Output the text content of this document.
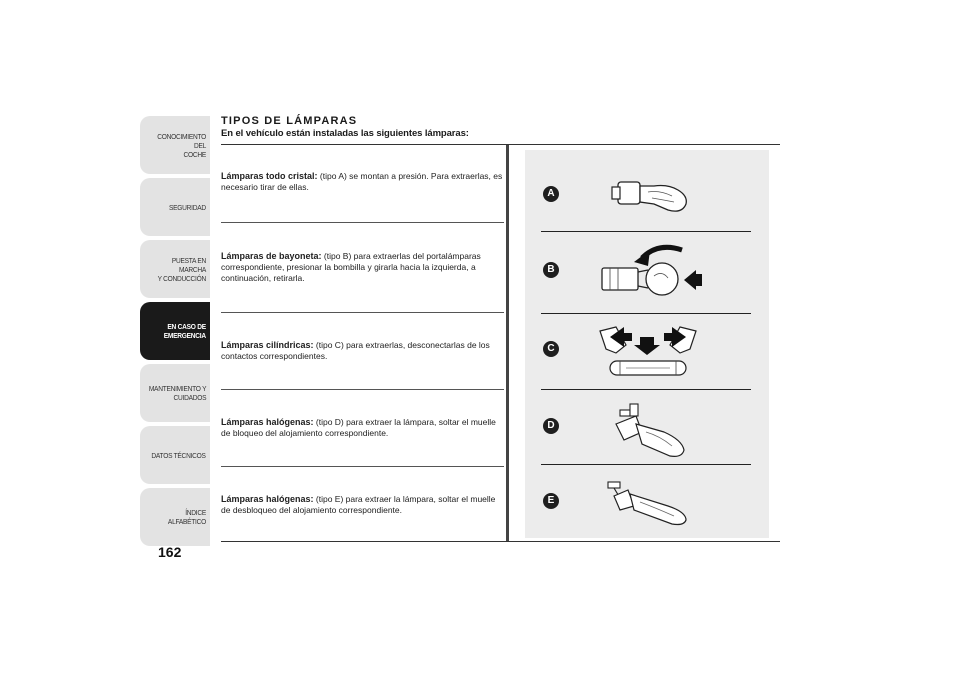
CONOCIMIENTO DEL
COCHE
SEGURIDAD
PUESTA EN MARCHA
Y CONDUCCIÓN
EN CASO DE
EMERGENCIA
MANTENIMIENTO Y
CUIDADOS
DATOS TÉCNICOS
ÍNDICE ALFABÉTICO
162
TIPOS DE LÁMPARAS
En el vehículo están instaladas las siguientes lámparas:
Lámparas todo cristal: (tipo A) se montan a presión. Para extraerlas, es necesario tirar de ellas.
Lámparas de bayoneta: (tipo B) para extraerlas del portalámparas correspondiente, presionar la bombilla y girarla hacia la izquierda, a continuación, retirarla.
Lámparas cilíndricas: (tipo C) para extraerlas, desconectarlas de los contactos correspondientes.
Lámparas halógenas: (tipo D) para extraer la lámpara, soltar el muelle de bloqueo del alojamiento correspondiente.
Lámparas halógenas: (tipo E) para extraer la lámpara, soltar el muelle de desbloqueo del alojamiento correspondiente.
A
B
C
D
E
